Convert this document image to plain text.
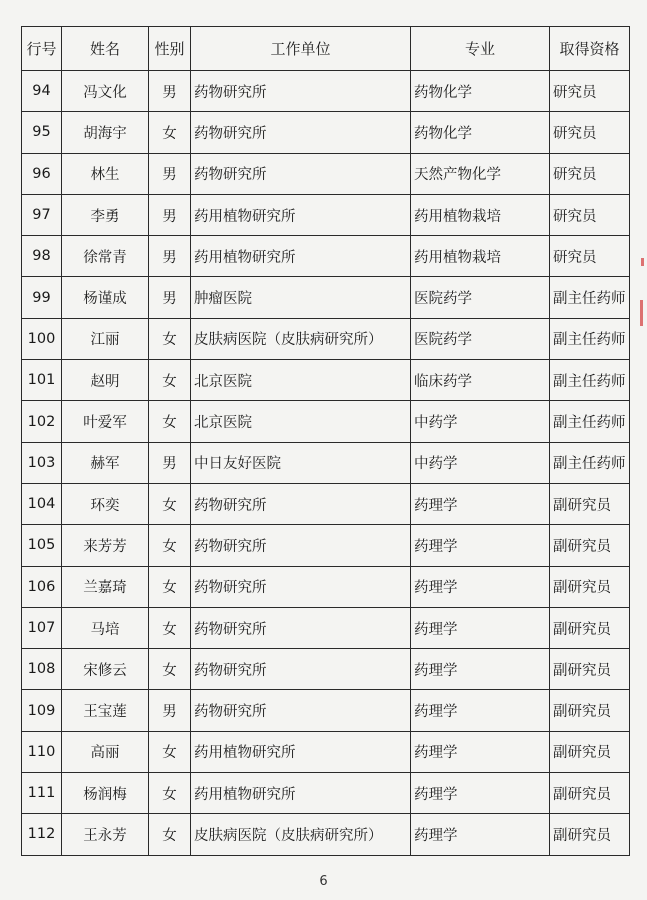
行号	姓名	性别	工作单位	专业	取得资格
94	冯文化	男	药物研究所	药物化学	研究员
95	胡海宇	女	药物研究所	药物化学	研究员
96	林生	男	药物研究所	天然产物化学	研究员
97	李勇	男	药用植物研究所	药用植物栽培	研究员
98	徐常青	男	药用植物研究所	药用植物栽培	研究员
99	杨谨成	男	肿瘤医院	医院药学	副主任药师
100	江丽	女	皮肤病医院（皮肤病研究所）	医院药学	副主任药师
101	赵明	女	北京医院	临床药学	副主任药师
102	叶爱军	女	北京医院	中药学	副主任药师
103	赫军	男	中日友好医院	中药学	副主任药师
104	环奕	女	药物研究所	药理学	副研究员
105	来芳芳	女	药物研究所	药理学	副研究员
106	兰嘉琦	女	药物研究所	药理学	副研究员
107	马培	女	药物研究所	药理学	副研究员
108	宋修云	女	药物研究所	药理学	副研究员
109	王宝莲	男	药物研究所	药理学	副研究员
110	高丽	女	药用植物研究所	药理学	副研究员
111	杨润梅	女	药用植物研究所	药理学	副研究员
112	王永芳	女	皮肤病医院（皮肤病研究所）	药理学	副研究员
6
